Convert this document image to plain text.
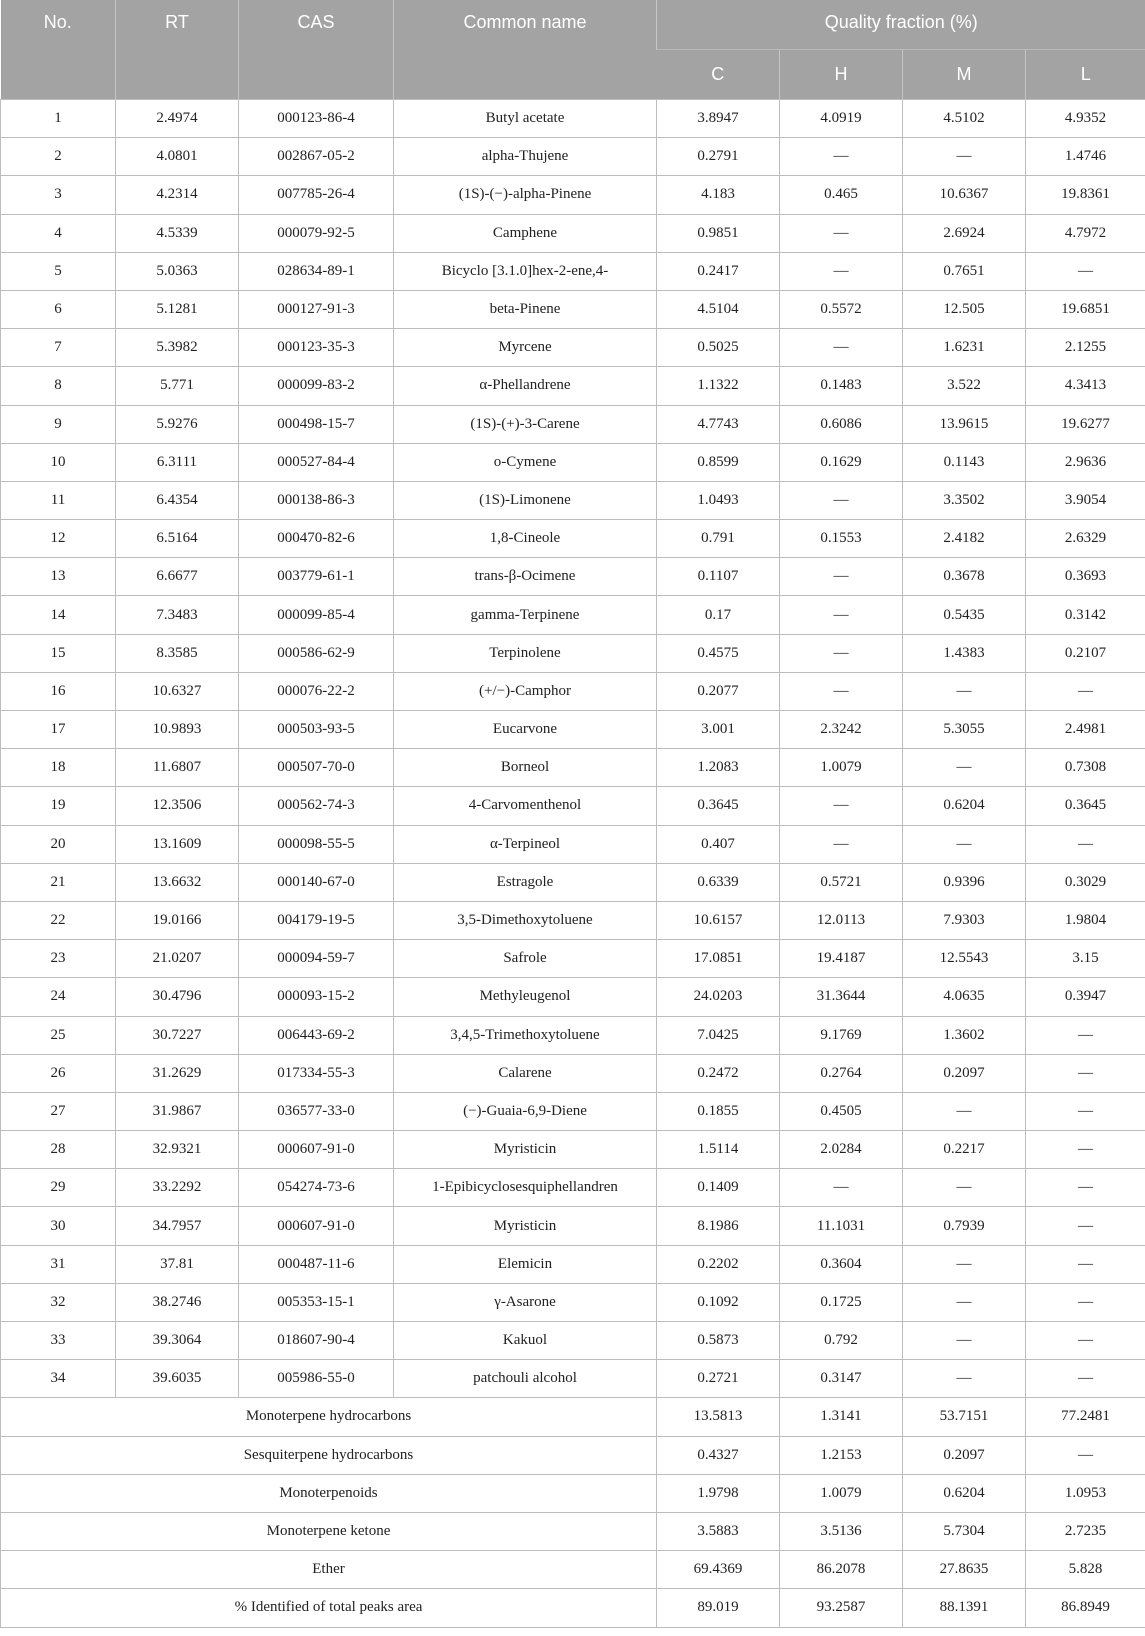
No.	RT	CAS	Common name	Quality fraction (%)			
				C	H	M	L
1	2.4974	000123-86-4	Butyl acetate	3.8947	4.0919	4.5102	4.9352
2	4.0801	002867-05-2	alpha-Thujene	0.2791	—	—	1.4746
3	4.2314	007785-26-4	(1S)-(−)-alpha-Pinene	4.183	0.465	10.6367	19.8361
4	4.5339	000079-92-5	Camphene	0.9851	—	2.6924	4.7972
5	5.0363	028634-89-1	Bicyclo [3.1.0]hex-2-ene,4-	0.2417	—	0.7651	—
6	5.1281	000127-91-3	beta-Pinene	4.5104	0.5572	12.505	19.6851
7	5.3982	000123-35-3	Myrcene	0.5025	—	1.6231	2.1255
8	5.771	000099-83-2	α-Phellandrene	1.1322	0.1483	3.522	4.3413
9	5.9276	000498-15-7	(1S)-(+)-3-Carene	4.7743	0.6086	13.9615	19.6277
10	6.3111	000527-84-4	o-Cymene	0.8599	0.1629	0.1143	2.9636
11	6.4354	000138-86-3	(1S)-Limonene	1.0493	—	3.3502	3.9054
12	6.5164	000470-82-6	1,8-Cineole	0.791	0.1553	2.4182	2.6329
13	6.6677	003779-61-1	trans-β-Ocimene	0.1107	—	0.3678	0.3693
14	7.3483	000099-85-4	gamma-Terpinene	0.17	—	0.5435	0.3142
15	8.3585	000586-62-9	Terpinolene	0.4575	—	1.4383	0.2107
16	10.6327	000076-22-2	(+/−)-Camphor	0.2077	—	—	—
17	10.9893	000503-93-5	Eucarvone	3.001	2.3242	5.3055	2.4981
18	11.6807	000507-70-0	Borneol	1.2083	1.0079	—	0.7308
19	12.3506	000562-74-3	4-Carvomenthenol	0.3645	—	0.6204	0.3645
20	13.1609	000098-55-5	α-Terpineol	0.407	—	—	—
21	13.6632	000140-67-0	Estragole	0.6339	0.5721	0.9396	0.3029
22	19.0166	004179-19-5	3,5-Dimethoxytoluene	10.6157	12.0113	7.9303	1.9804
23	21.0207	000094-59-7	Safrole	17.0851	19.4187	12.5543	3.15
24	30.4796	000093-15-2	Methyleugenol	24.0203	31.3644	4.0635	0.3947
25	30.7227	006443-69-2	3,4,5-Trimethoxytoluene	7.0425	9.1769	1.3602	—
26	31.2629	017334-55-3	Calarene	0.2472	0.2764	0.2097	—
27	31.9867	036577-33-0	(−)-Guaia-6,9-Diene	0.1855	0.4505	—	—
28	32.9321	000607-91-0	Myristicin	1.5114	2.0284	0.2217	—
29	33.2292	054274-73-6	1-Epibicyclosesquiphellandren	0.1409	—	—	—
30	34.7957	000607-91-0	Myristicin	8.1986	11.1031	0.7939	—
31	37.81	000487-11-6	Elemicin	0.2202	0.3604	—	—
32	38.2746	005353-15-1	γ-Asarone	0.1092	0.1725	—	—
33	39.3064	018607-90-4	Kakuol	0.5873	0.792	—	—
34	39.6035	005986-55-0	patchouli alcohol	0.2721	0.3147	—	—
Monoterpene hydrocarbons				13.5813	1.3141	53.7151	77.2481
Sesquiterpene hydrocarbons				0.4327	1.2153	0.2097	—
Monoterpenoids				1.9798	1.0079	0.6204	1.0953
Monoterpene ketone				3.5883	3.5136	5.7304	2.7235
Ether				69.4369	86.2078	27.8635	5.828
% Identified of total peaks area				89.019	93.2587	88.1391	86.8949
